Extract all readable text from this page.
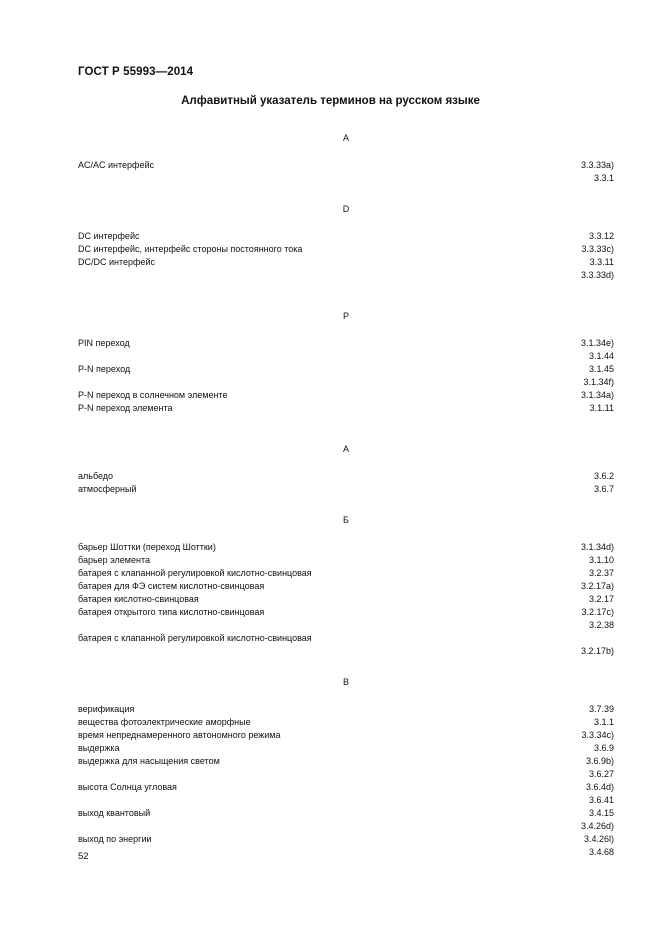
ГОСТ Р 55993—2014
Алфавитный указатель терминов на русском языке
A
AC/AC интерфейс	3.3.33а)
3.3.1
D
DC интерфейс	3.3.12
DC интерфейс, интерфейс стороны постоянного тока	3.3.33с)
DC/DC интерфейс	3.3.11
3.3.33d)
P
PIN переход	3.1.34е)
3.1.44
P-N переход	3.1.45
3.1.34f)
P-N переход в солнечном элементе	3.1.34а)
P-N переход элемента	3.1.11
А
альбедо	3.6.2
атмосферный	3.6.7
Б
барьер Шоттки (переход Шоттки)	3.1.34d)
барьер элемента	3.1.10
батарея с клапанной регулировкой кислотно-свинцовая	3.2.37
батарея для ФЭ систем кислотно-свинцовая	3.2.17а)
батарея кислотно-свинцовая	3.2.17
батарея открытого типа кислотно-свинцовая	3.2.17с)
3.2.38
батарея с клапанной регулировкой кислотно-свинцовая
3.2.17b)
В
верификация	3.7.39
вещества фотоэлектрические аморфные	3.1.1
время непреднамеренного автономного режима	3.3.34с)
выдержка	3.6.9
выдержка для насыщения светом	3.6.9b)
3.6.27
высота Солнца угловая	3.6.4d)
3.6.41
выход квантовый	3.4.15
3.4.26d)
выход по энергии	3.4.26l)
3.4.68
52
